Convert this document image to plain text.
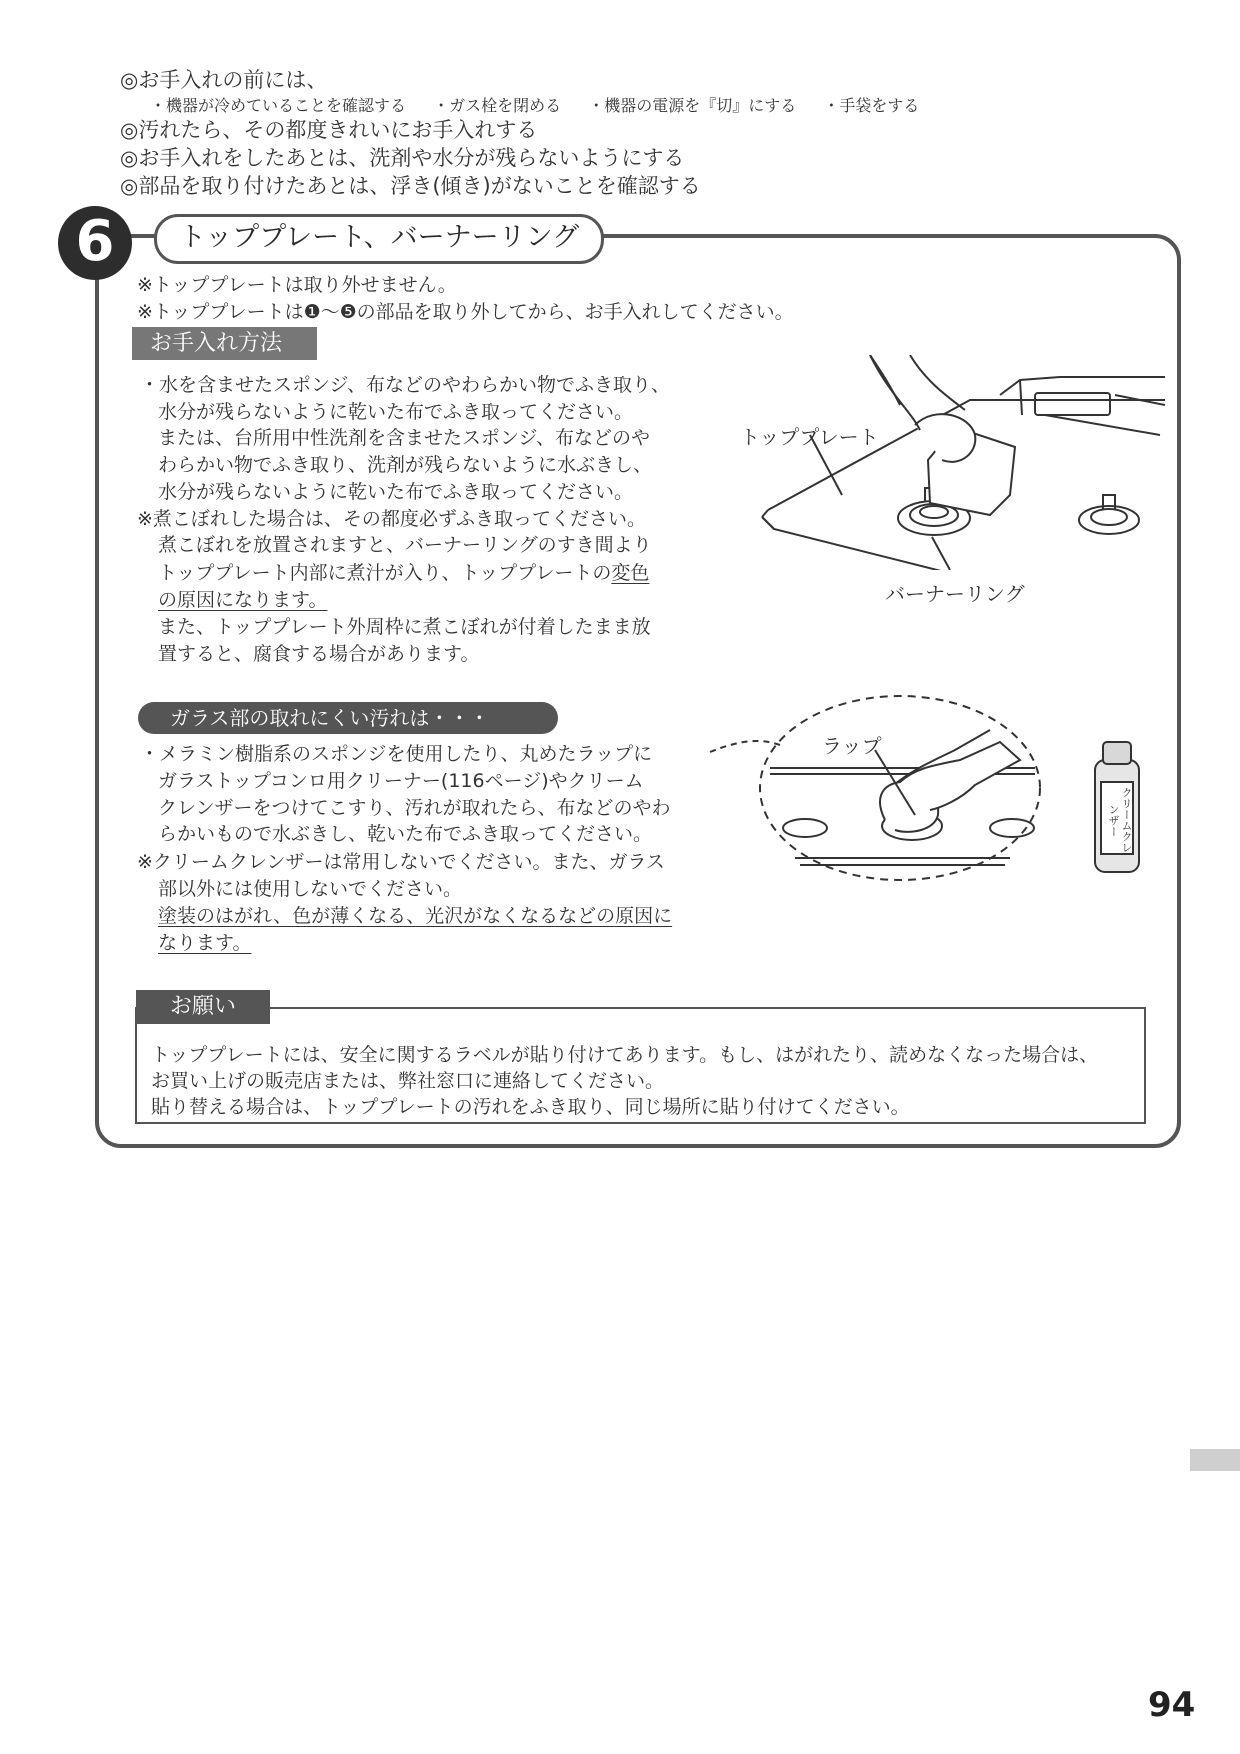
◎お手入れの前には、
・機器が冷めていることを確認する ・ガス栓を閉める ・機器の電源を『切』にする ・手袋をする
◎汚れたら、その都度きれいにお手入れする
◎お手入れをしたあとは、洗剤や水分が残らないようにする
◎部品を取り付けたあとは、浮き(傾き)がないことを確認する
6	トッププレート、バーナーリング
※トッププレートは取り外せません。
※トッププレートは❶〜❺の部品を取り外してから、お手入れしてください。
お手入れ方法
・水を含ませたスポンジ、布などのやわらかい物でふき取り、
水分が残らないように乾いた布でふき取ってください。
または、台所用中性洗剤を含ませたスポンジ、布などのや
わらかい物でふき取り、洗剤が残らないように水ぶきし、
水分が残らないように乾いた布でふき取ってください。
※煮こぼれした場合は、その都度必ずふき取ってください。
煮こぼれを放置されますと、バーナーリングのすき間より
トッププレート内部に煮汁が入り、トッププレートの変色
の原因になります。
また、トッププレート外周枠に煮こぼれが付着したまま放
置すると、腐食する場合があります。
トッププレート
バーナーリング
ガラス部の取れにくい汚れは・・・
・メラミン樹脂系のスポンジを使用したり、丸めたラップに
ガラストップコンロ用クリーナー(116ページ)やクリーム
クレンザーをつけてこすり、汚れが取れたら、布などのやわ
らかいもので水ぶきし、乾いた布でふき取ってください。
※クリームクレンザーは常用しないでください。また、ガラス
部以外には使用しないでください。
塗装のはがれ、色が薄くなる、光沢がなくなるなどの原因に
なります。
ラップ
クリームクレンザー
お願い
トッププレートには、安全に関するラベルが貼り付けてあります。もし、はがれたり、読めなくなった場合は、
お買い上げの販売店または、弊社窓口に連絡してください。
貼り替える場合は、トッププレートの汚れをふき取り、同じ場所に貼り付けてください。
94
